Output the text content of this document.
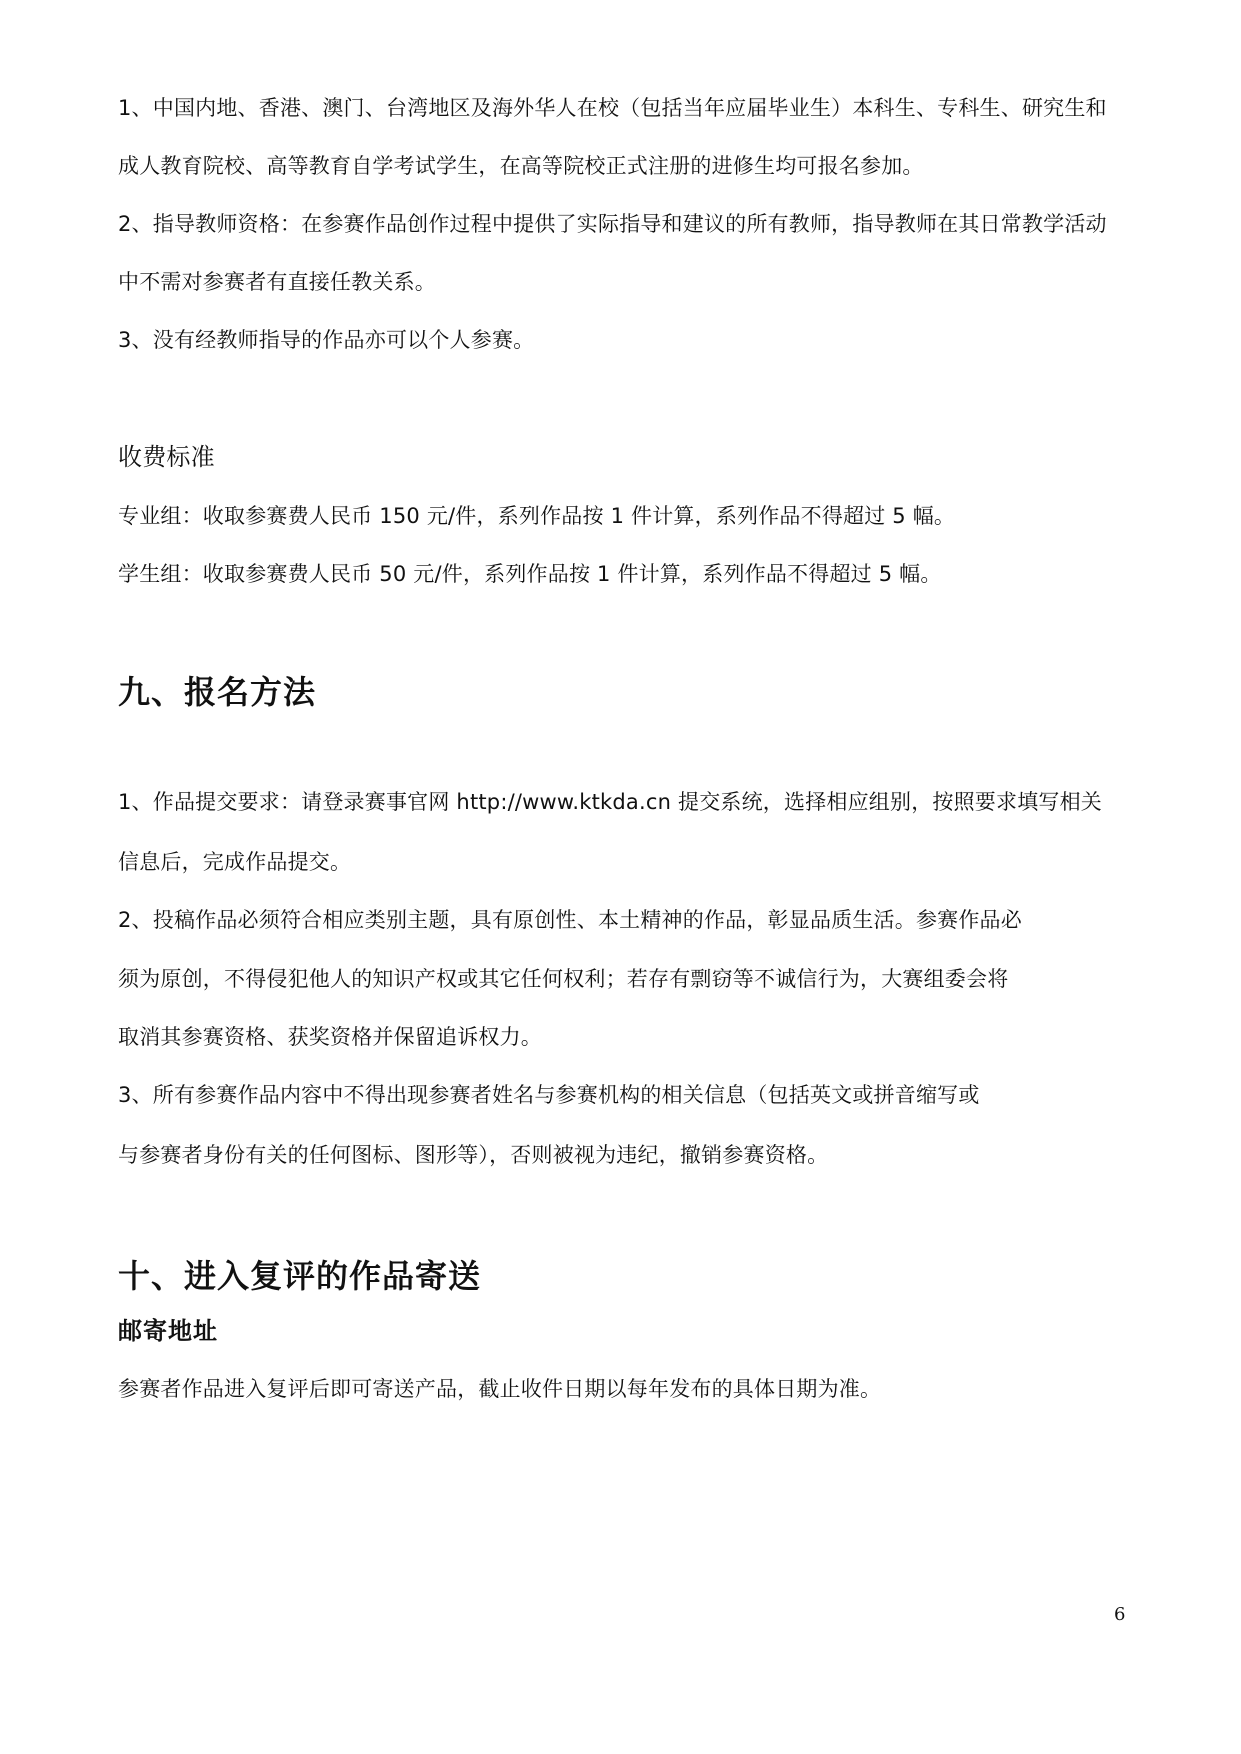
1、中国内地、香港、澳门、台湾地区及海外华人在校（包括当年应届毕业生）本科生、专科生、研究生和
成人教育院校、高等教育自学考试学生，在高等院校正式注册的进修生均可报名参加。
2、指导教师资格：在参赛作品创作过程中提供了实际指导和建议的所有教师，指导教师在其日常教学活动
中不需对参赛者有直接任教关系。
3、没有经教师指导的作品亦可以个人参赛。
收费标准
专业组：收取参赛费人民币 150 元/件，系列作品按 1 件计算，系列作品不得超过 5 幅。
学生组：收取参赛费人民币 50 元/件，系列作品按 1 件计算，系列作品不得超过 5 幅。
九、报名方法
1、作品提交要求：请登录赛事官网 http://www.ktkda.cn 提交系统，选择相应组别，按照要求填写相关
信息后，完成作品提交。
2、投稿作品必须符合相应类别主题，具有原创性、本土精神的作品，彰显品质生活。参赛作品必
须为原创，不得侵犯他人的知识产权或其它任何权利；若存有剽窃等不诚信行为，大赛组委会将
取消其参赛资格、获奖资格并保留追诉权力。
3、所有参赛作品内容中不得出现参赛者姓名与参赛机构的相关信息（包括英文或拼音缩写或
与参赛者身份有关的任何图标、图形等），否则被视为违纪，撤销参赛资格。
十、进入复评的作品寄送
邮寄地址
参赛者作品进入复评后即可寄送产品，截止收件日期以每年发布的具体日期为准。
6
